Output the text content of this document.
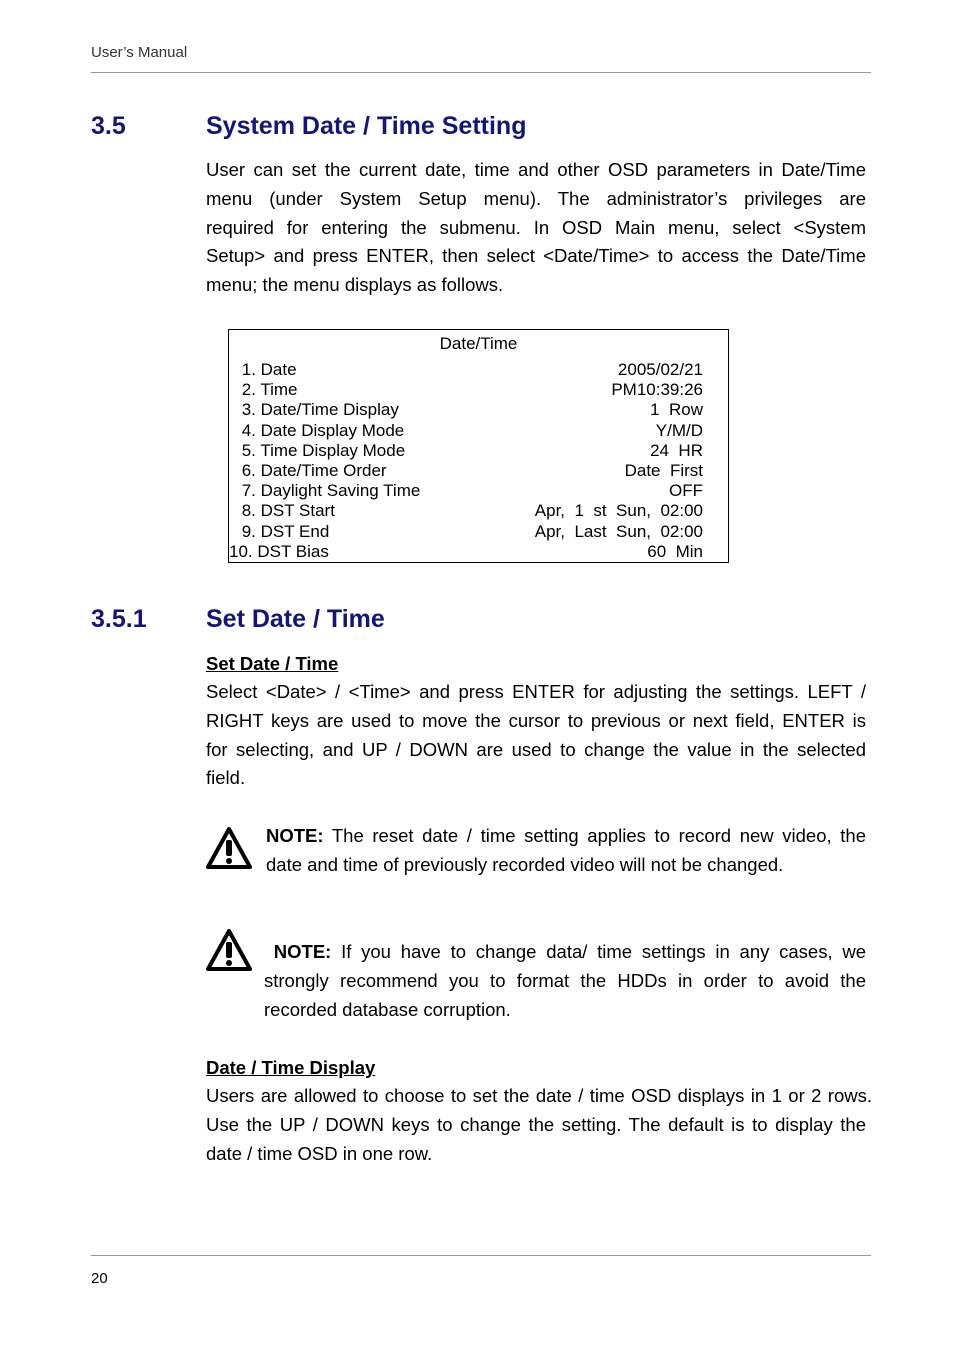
User’s Manual
3.5	System Date / Time Setting
User can set the current date, time and other OSD parameters in Date/Time
menu (under System Setup menu). The administrator’s privileges are
required for entering the submenu. In OSD Main menu, select <System
Setup> and press ENTER, then select <Date/Time> to access the Date/Time
menu; the menu displays as follows.
Date/Time
1. Date	2005/02/21
2. Time	PM10:39:26
3. Date/Time Display	1  Row
4. Date Display Mode	Y/M/D
5. Time Display Mode	24  HR
6. Date/Time Order	Date  First
7. Daylight Saving Time	OFF
8. DST Start	Apr,  1  st  Sun,  02:00
9. DST End	Apr,  Last  Sun,  02:00
10. DST Bias	60  Min
3.5.1 Set Date / Time
Set Date / Time
Select <Date> / <Time> and press ENTER for adjusting the settings. LEFT /
RIGHT keys are used to move the cursor to previous or next field, ENTER is
for selecting, and UP / DOWN are used to change the value in the selected
field.
NOTE: The reset date / time setting applies to record new video, the
date and time of previously recorded video will not be changed.
NOTE: If you have to change data/ time settings in any cases, we
strongly recommend you to format the HDDs in order to avoid the
recorded database corruption.
Date / Time Display
Users are allowed to choose to set the date / time OSD displays in 1 or 2 rows.
Use the UP / DOWN keys to change the setting. The default is to display the
date / time OSD in one row.
20
